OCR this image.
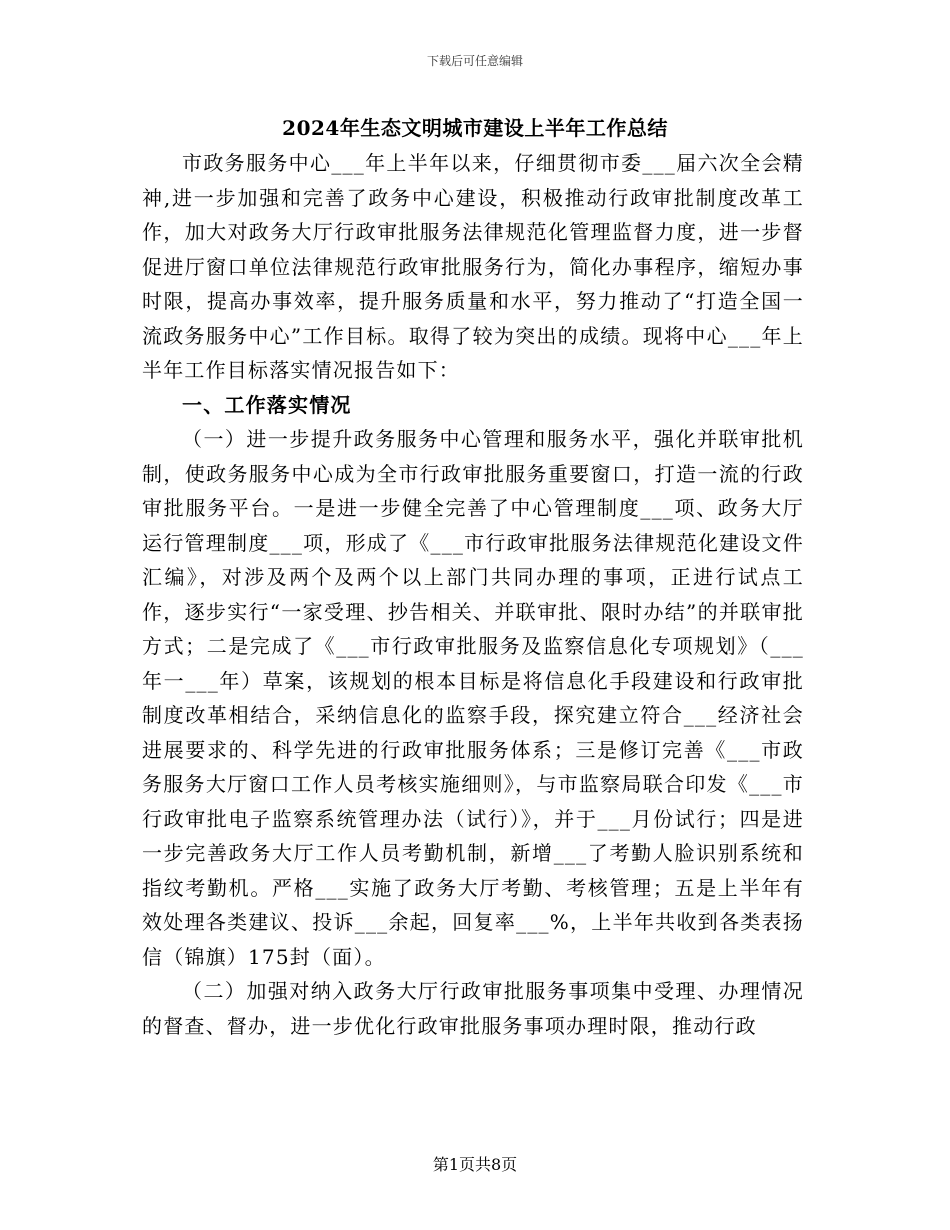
下载后可任意编辑
2024年生态文明城市建设上半年工作总结

市政务服务中心___年上半年以来，仔细贯彻市委___届六次全会精神,进一步加强和完善了政务中心建设，积极推动行政审批制度改革工作，加大对政务大厅行政审批服务法律规范化管理监督力度，进一步督促进厅窗口单位法律规范行政审批服务行为，简化办事程序，缩短办事时限，提高办事效率，提升服务质量和水平，努力推动了“打造全国一流政务服务中心”工作目标。取得了较为突出的成绩。现将中心___年上半年工作目标落实情况报告如下：

一、工作落实情况

（一）进一步提升政务服务中心管理和服务水平，强化并联审批机制，使政务服务中心成为全市行政审批服务重要窗口，打造一流的行政审批服务平台。一是进一步健全完善了中心管理制度___项、政务大厅运行管理制度___项，形成了《___市行政审批服务法律规范化建设文件汇编》，对涉及两个及两个以上部门共同办理的事项，正进行试点工作，逐步实行“一家受理、抄告相关、并联审批、限时办结”的并联审批方式；二是完成了《___市行政审批服务及监察信息化专项规划》（___年一___年）草案，该规划的根本目标是将信息化手段建设和行政审批制度改革相结合，采纳信息化的监察手段，探究建立符合___经济社会进展要求的、科学先进的行政审批服务体系；三是修订完善《___市政务服务大厅窗口工作人员考核实施细则》，与市监察局联合印发《___市行政审批电子监察系统管理办法（试行）》，并于___月份试行；四是进一步完善政务大厅工作人员考勤机制，新增___了考勤人脸识别系统和指纹考勤机。严格___实施了政务大厅考勤、考核管理；五是上半年有效处理各类建议、投诉___余起，回复率___%，上半年共收到各类表扬信（锦旗）175封（面）。

（二）加强对纳入政务大厅行政审批服务事项集中受理、办理情况的督查、督办，进一步优化行政审批服务事项办理时限，推动行政

第1页共8页
